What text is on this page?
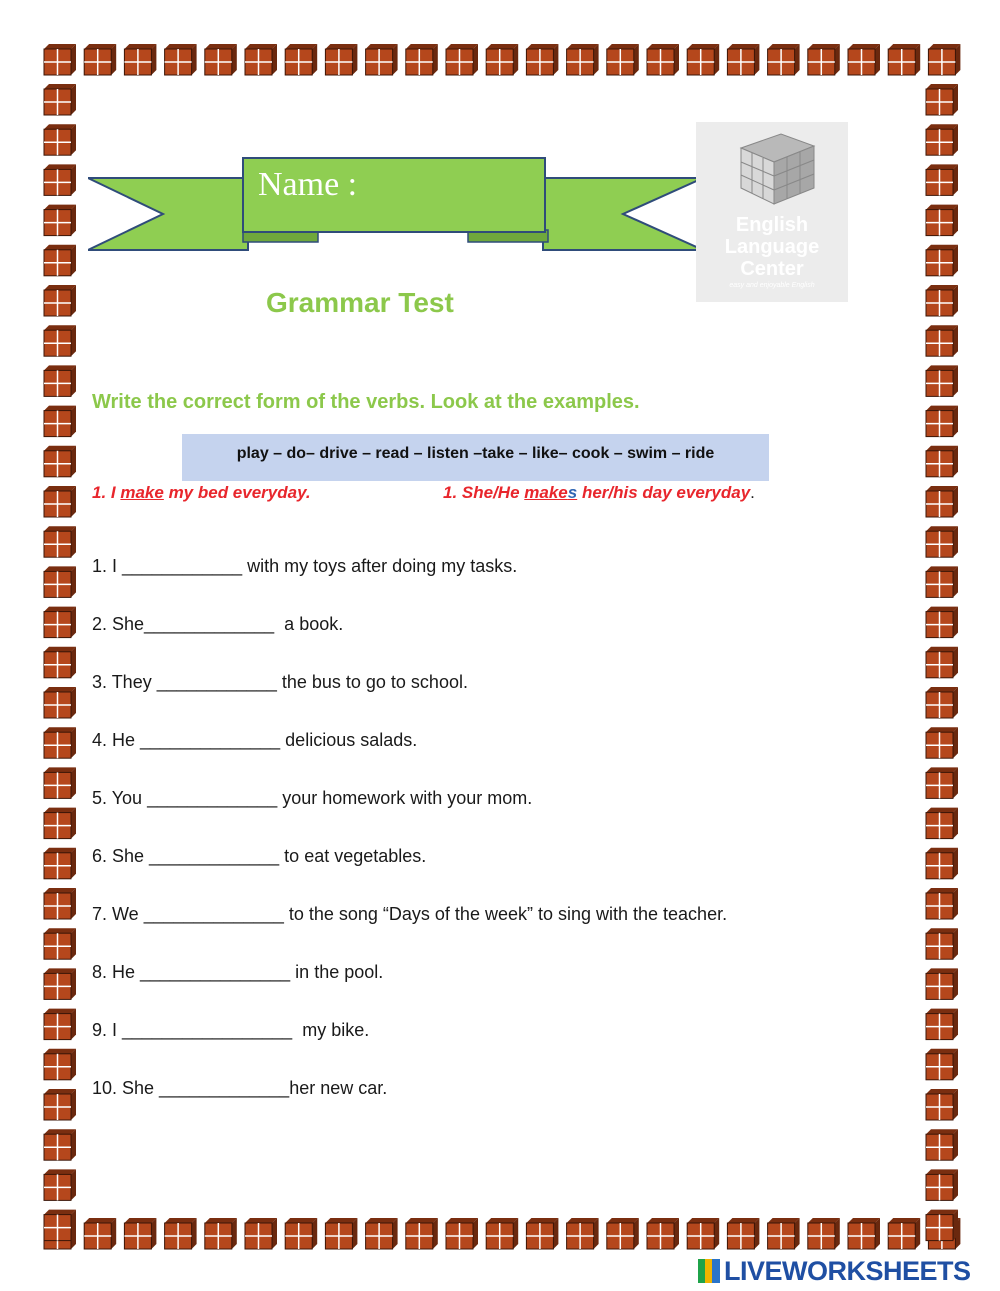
Name :
English
Language
Center
easy and enjoyable English
Grammar Test
Write the correct form of the verbs. Look at the examples.
play – do– drive – read – listen –take – like– cook – swim – ride
1. I make my bed everyday.	1. She/He makes her/his day everyday.
1. I ____________ with my toys after doing my tasks.
2. She_____________  a book.
3. They ____________ the bus to go to school.
4. He ______________ delicious salads.
5. You _____________ your homework with your mom.
6. She _____________ to eat vegetables.
7. We ______________ to the song “Days of the week” to sing with the teacher.
8. He _______________ in the pool.
9. I _________________  my bike.
10. She _____________her new car.
LIVEWORKSHEETS
